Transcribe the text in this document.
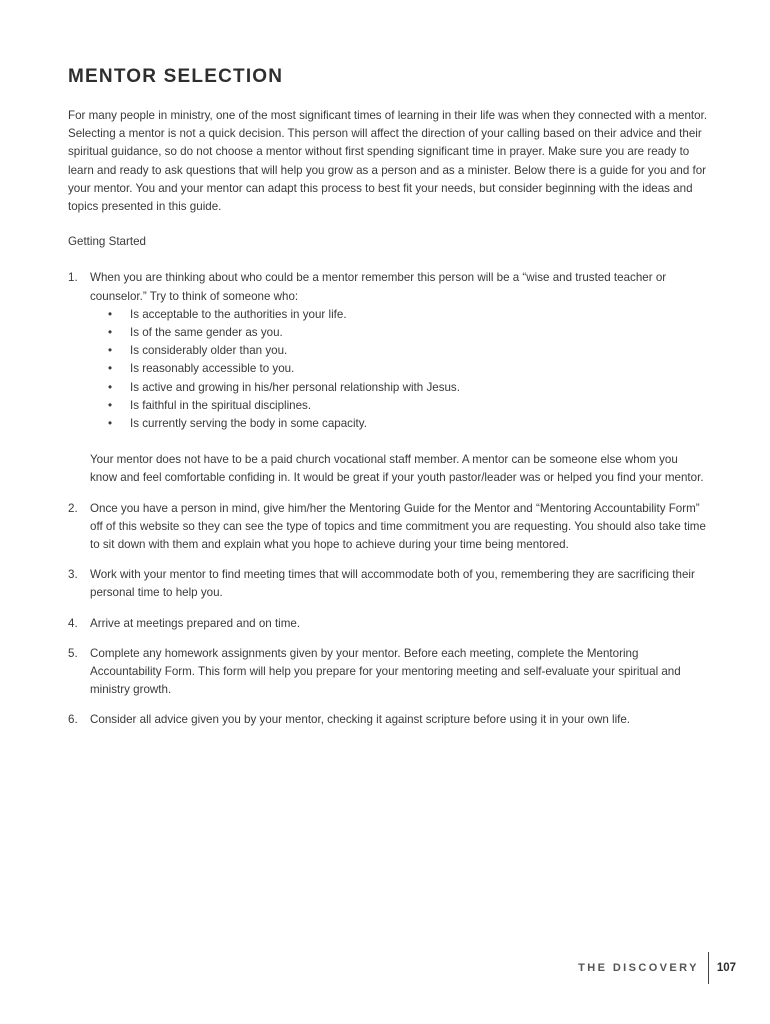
MENTOR SELECTION

For many people in ministry, one of the most significant times of learning in their life was when they connected with a mentor. Selecting a mentor is not a quick decision. This person will affect the direction of your calling based on their advice and their spiritual guidance, so do not choose a mentor without first spending significant time in prayer. Make sure you are ready to learn and ready to ask questions that will help you grow as a person and as a minister. Below there is a guide for you and for your mentor. You and your mentor can adapt this process to best fit your needs, but consider beginning with the ideas and topics presented in this guide.

Getting Started

1. When you are thinking about who could be a mentor remember this person will be a “wise and trusted teacher or counselor.” Try to think of someone who:

• Is acceptable to the authorities in your life.
• Is of the same gender as you.
• Is considerably older than you.
• Is reasonably accessible to you.
• Is active and growing in his/her personal relationship with Jesus.
• Is faithful in the spiritual disciplines.
• Is currently serving the body in some capacity.

Your mentor does not have to be a paid church vocational staff member. A mentor can be someone else whom you know and feel comfortable confiding in. It would be great if your youth pastor/leader was or helped you find your mentor.

2. Once you have a person in mind, give him/her the Mentoring Guide for the Mentor and “Mentoring Accountability Form” off of this website so they can see the type of topics and time commitment you are requesting. You should also take time to sit down with them and explain what you hope to achieve during your time being mentored.

3. Work with your mentor to find meeting times that will accommodate both of you, remembering they are sacrificing their personal time to help you.

4. Arrive at meetings prepared and on time.

5. Complete any homework assignments given by your mentor. Before each meeting, complete the Mentoring Accountability Form. This form will help you prepare for your mentoring meeting and self-evaluate your spiritual and ministry growth.

6. Consider all advice given you by your mentor, checking it against scripture before using it in your own life.

THE DISCOVERY 107
